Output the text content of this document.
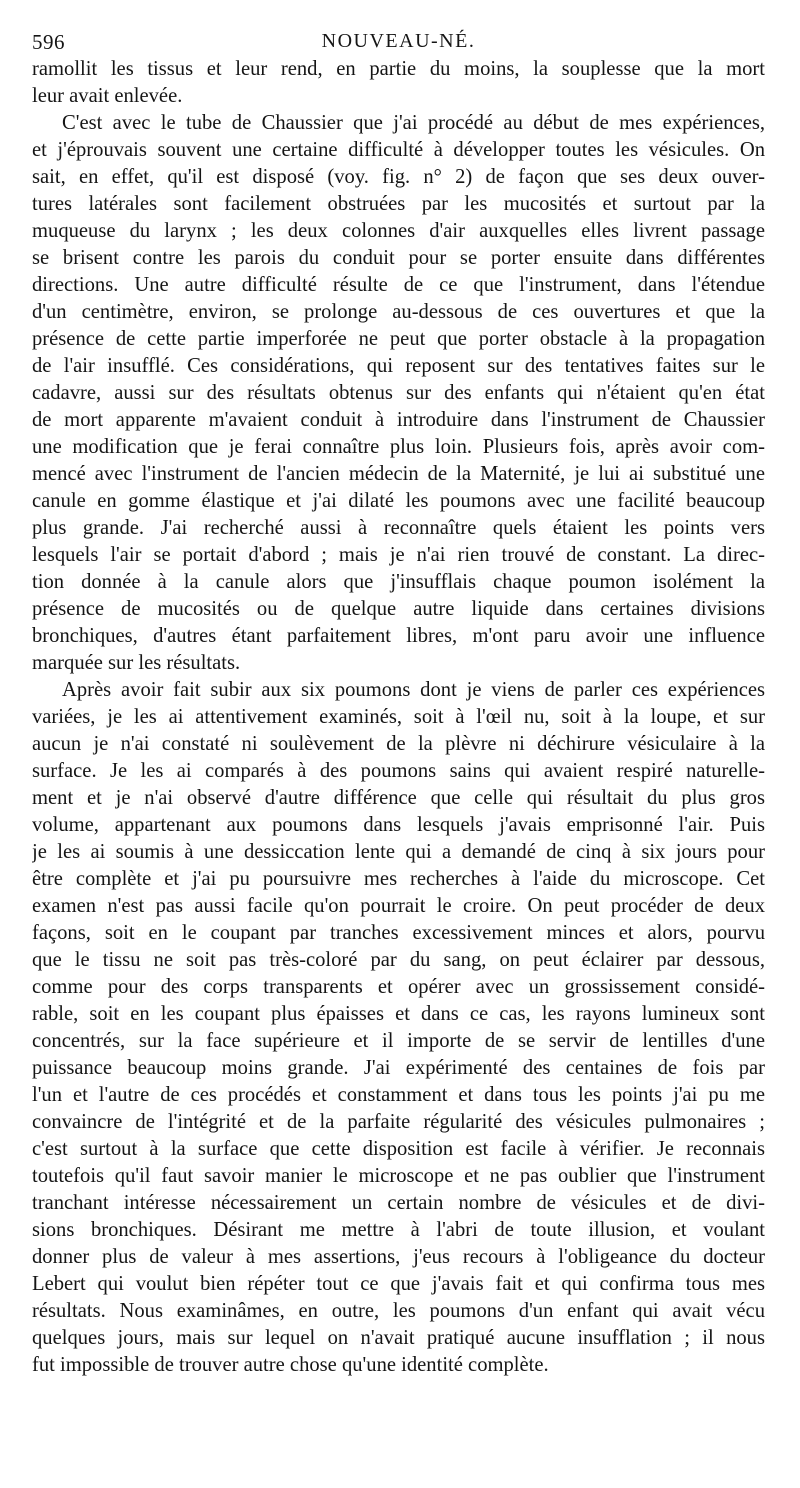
596	NOUVEAU-NÉ.
ramollit les tissus et leur rend, en partie du moins, la souplesse que la mort
leur avait enlevée.
C'est avec le tube de Chaussier que j'ai procédé au début de mes expériences,
et j'éprouvais souvent une certaine difficulté à développer toutes les vésicules. On
sait, en effet, qu'il est disposé (voy. fig. n° 2) de façon que ses deux ouver-
tures latérales sont facilement obstruées par les mucosités et surtout par la
muqueuse du larynx ; les deux colonnes d'air auxquelles elles livrent passage
se brisent contre les parois du conduit pour se porter ensuite dans différentes
directions. Une autre difficulté résulte de ce que l'instrument, dans l'étendue
d'un centimètre, environ, se prolonge au-dessous de ces ouvertures et que la
présence de cette partie imperforée ne peut que porter obstacle à la propagation
de l'air insufflé. Ces considérations, qui reposent sur des tentatives faites sur le
cadavre, aussi sur des résultats obtenus sur des enfants qui n'étaient qu'en état
de mort apparente m'avaient conduit à introduire dans l'instrument de Chaussier
une modification que je ferai connaître plus loin. Plusieurs fois, après avoir com-
mencé avec l'instrument de l'ancien médecin de la Maternité, je lui ai substitué une
canule en gomme élastique et j'ai dilaté les poumons avec une facilité beaucoup
plus grande. J'ai recherché aussi à reconnaître quels étaient les points vers
lesquels l'air se portait d'abord ; mais je n'ai rien trouvé de constant. La direc-
tion donnée à la canule alors que j'insufflais chaque poumon isolément la
présence de mucosités ou de quelque autre liquide dans certaines divisions
bronchiques, d'autres étant parfaitement libres, m'ont paru avoir une influence
marquée sur les résultats.
Après avoir fait subir aux six poumons dont je viens de parler ces expériences
variées, je les ai attentivement examinés, soit à l'œil nu, soit à la loupe, et sur
aucun je n'ai constaté ni soulèvement de la plèvre ni déchirure vésiculaire à la
surface. Je les ai comparés à des poumons sains qui avaient respiré naturelle-
ment et je n'ai observé d'autre différence que celle qui résultait du plus gros
volume, appartenant aux poumons dans lesquels j'avais emprisonné l'air. Puis
je les ai soumis à une dessiccation lente qui a demandé de cinq à six jours pour
être complète et j'ai pu poursuivre mes recherches à l'aide du microscope. Cet
examen n'est pas aussi facile qu'on pourrait le croire. On peut procéder de deux
façons, soit en le coupant par tranches excessivement minces et alors, pourvu
que le tissu ne soit pas très-coloré par du sang, on peut éclairer par dessous,
comme pour des corps transparents et opérer avec un grossissement considé-
rable, soit en les coupant plus épaisses et dans ce cas, les rayons lumineux sont
concentrés, sur la face supérieure et il importe de se servir de lentilles d'une
puissance beaucoup moins grande. J'ai expérimenté des centaines de fois par
l'un et l'autre de ces procédés et constamment et dans tous les points j'ai pu me
convaincre de l'intégrité et de la parfaite régularité des vésicules pulmonaires ;
c'est surtout à la surface que cette disposition est facile à vérifier. Je reconnais
toutefois qu'il faut savoir manier le microscope et ne pas oublier que l'instrument
tranchant intéresse nécessairement un certain nombre de vésicules et de divi-
sions bronchiques. Désirant me mettre à l'abri de toute illusion, et voulant
donner plus de valeur à mes assertions, j'eus recours à l'obligeance du docteur
Lebert qui voulut bien répéter tout ce que j'avais fait et qui confirma tous mes
résultats. Nous examinâmes, en outre, les poumons d'un enfant qui avait vécu
quelques jours, mais sur lequel on n'avait pratiqué aucune insufflation ; il nous
fut impossible de trouver autre chose qu'une identité complète.
